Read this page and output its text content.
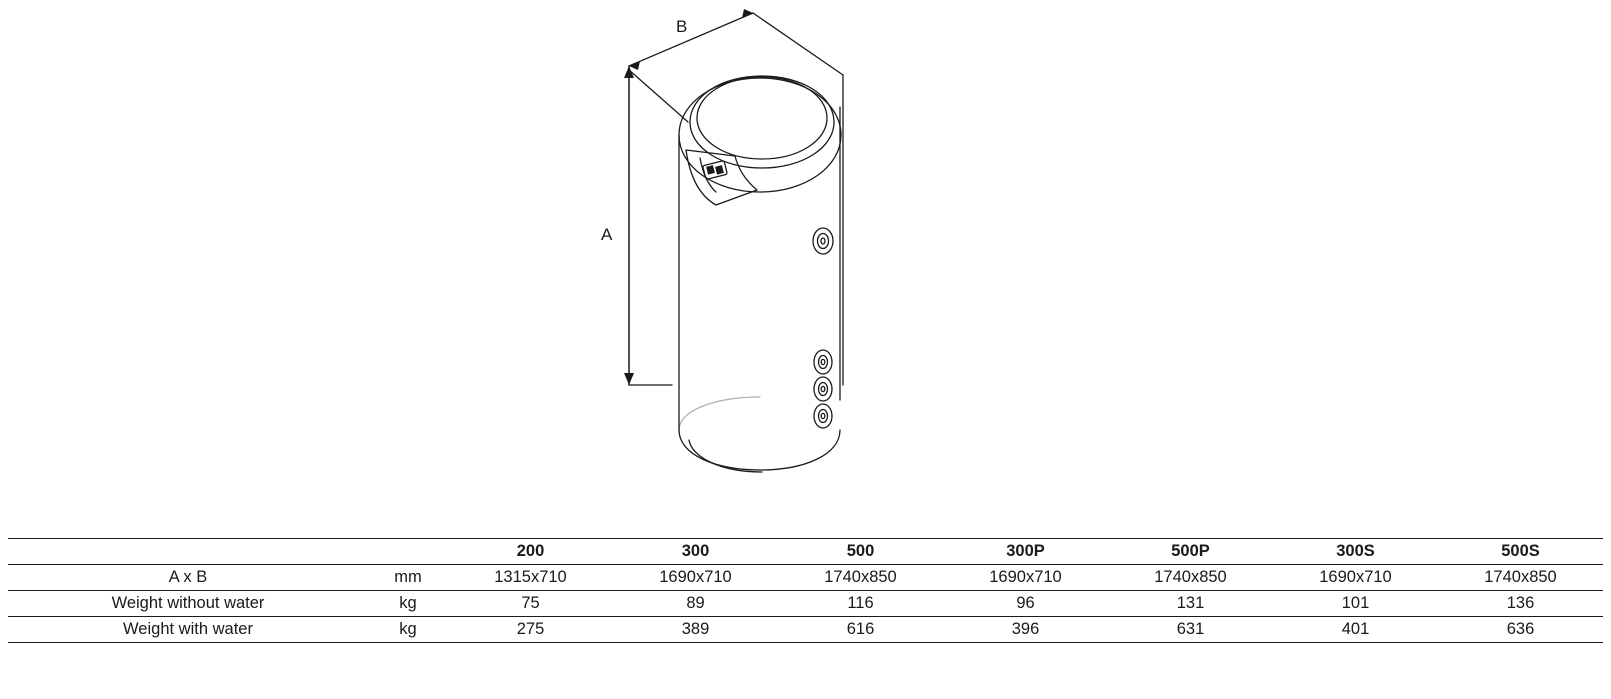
A
B
		200	300	500	300P	500P	300S	500S
A x B	mm	1315x710	1690x710	1740x850	1690x710	1740x850	1690x710	1740x850
Weight without water	kg	75	89	116	96	131	101	136
Weight with water	kg	275	389	616	396	631	401	636
